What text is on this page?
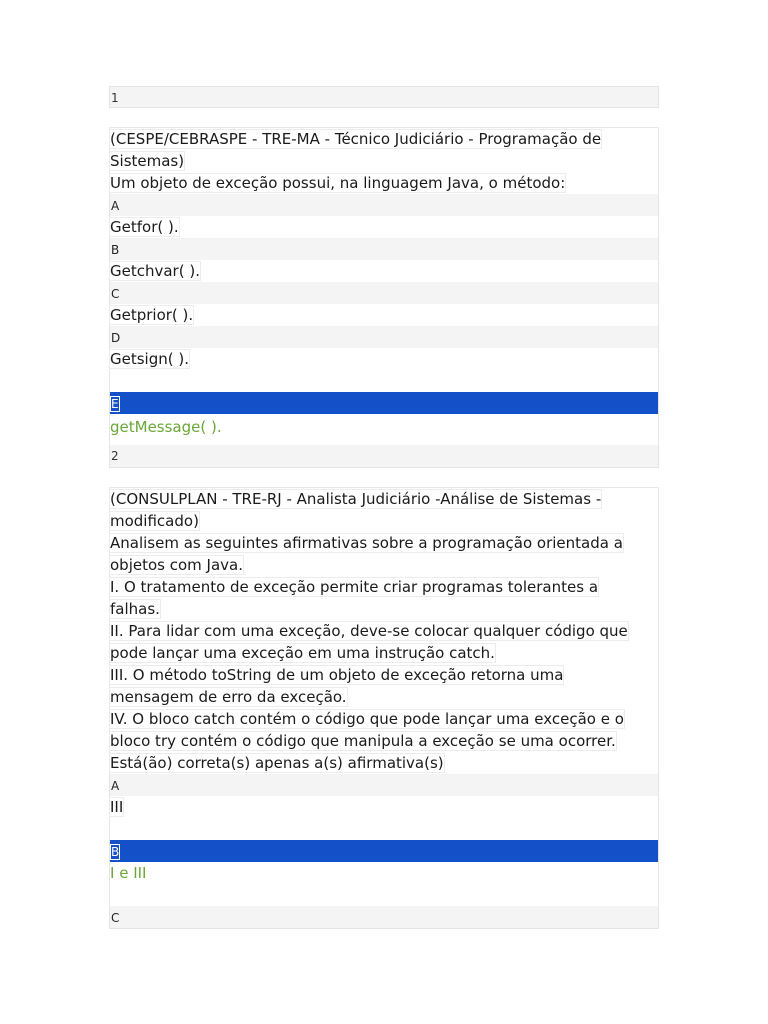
1
(CESPE/CEBRASPE - TRE-MA - Técnico Judiciário - Programação de
Sistemas)
Um objeto de exceção possui, na linguagem Java, o método:
A
Getfor( ).
B
Getchvar( ).
C
Getprior( ).
D
Getsign( ).
E
getMessage( ).
2
(CONSULPLAN - TRE-RJ - Analista Judiciário -Análise de Sistemas -
modificado)
Analisem as seguintes afirmativas sobre a programação orientada a
objetos com Java.
I. O tratamento de exceção permite criar programas tolerantes a
falhas.
II. Para lidar com uma exceção, deve-se colocar qualquer código que
pode lançar uma exceção em uma instrução catch.
III. O método toString de um objeto de exceção retorna uma
mensagem de erro da exceção.
IV. O bloco catch contém o código que pode lançar uma exceção e o
bloco try contém o código que manipula a exceção se uma ocorrer.
Está(ão) correta(s) apenas a(s) afirmativa(s)
A
III
B
I e III
C
